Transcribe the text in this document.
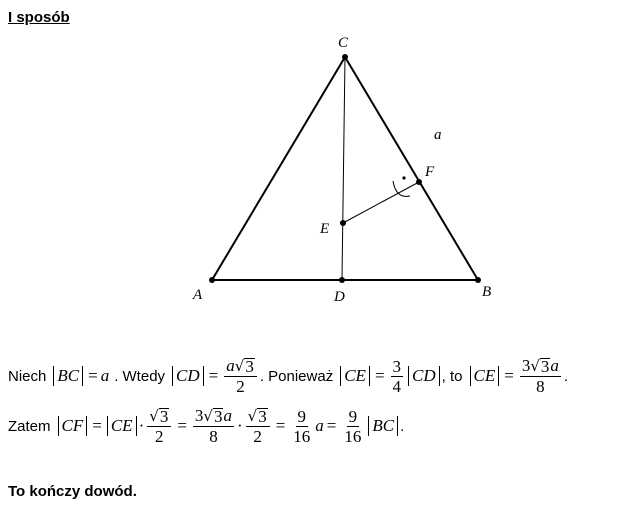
I sposób
A	B
C
D
E
F
a
Niech BC = a . Wtedy CD = $\frac{a √ 3}{2}$ . Ponieważ CE = $\frac{3}{4}$ CD , to CE = $\frac{3 √ 3 a}{8}$ .
Zatem CF = CE · $\frac{√ 3}{2} = \frac{3 √ 3 a}{8} \cdot \frac{√ 3}{2} = \frac{9}{16}$ $a = \frac{9}{16}$ BC .
To kończy dowód.
